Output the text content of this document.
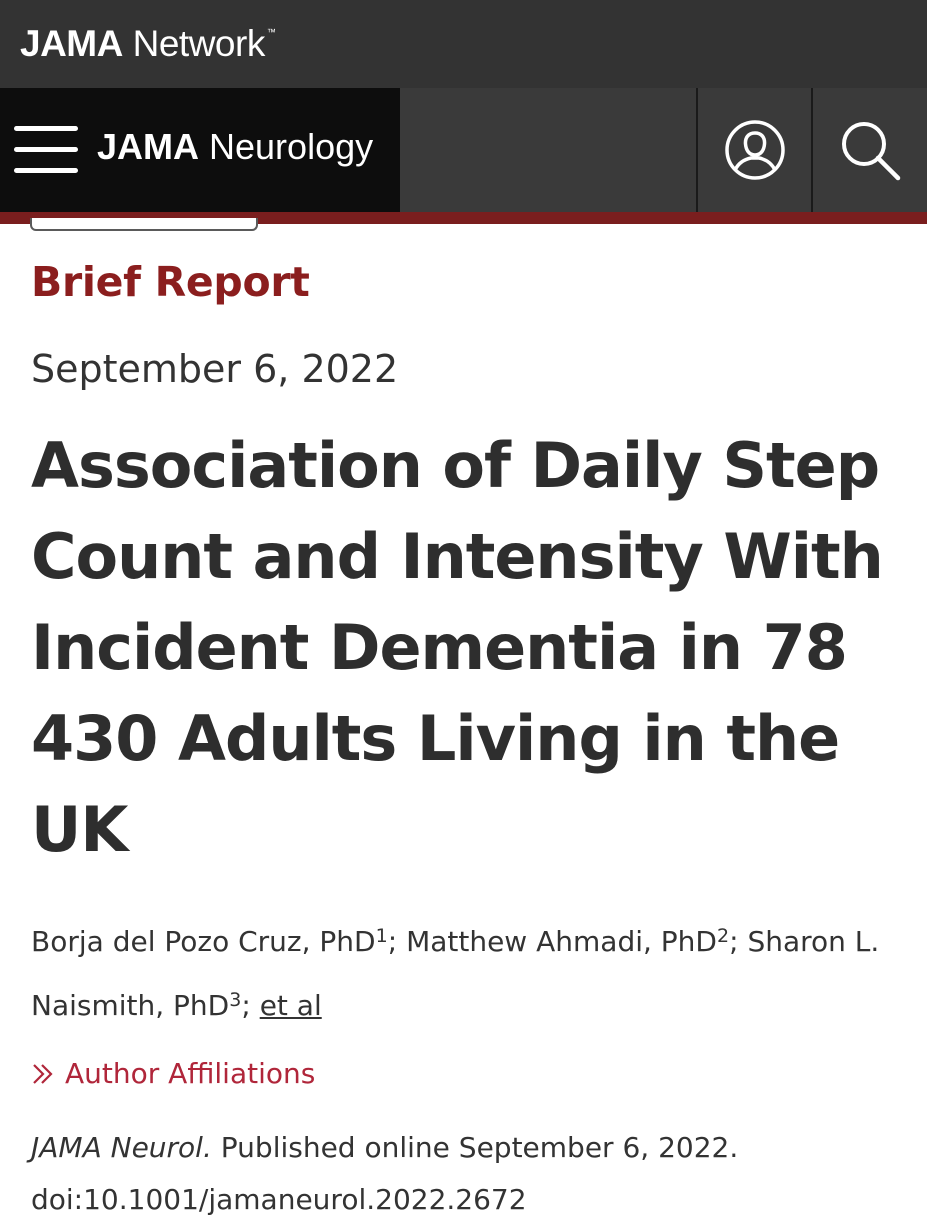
JAMA Network ™
JAMA Neurology
Brief Report
September 6, 2022
Association of Daily Step Count and Intensity With Incident Dementia in 78 430 Adults Living in the UK
Borja del Pozo Cruz, PhD$^1$; Matthew Ahmadi, PhD$^2$; Sharon L. Naismith, PhD$^3$; et al
Author Affiliations
JAMA Neurol. Published online September 6, 2022.
doi:10.1001/jamaneurol.2022.2672
